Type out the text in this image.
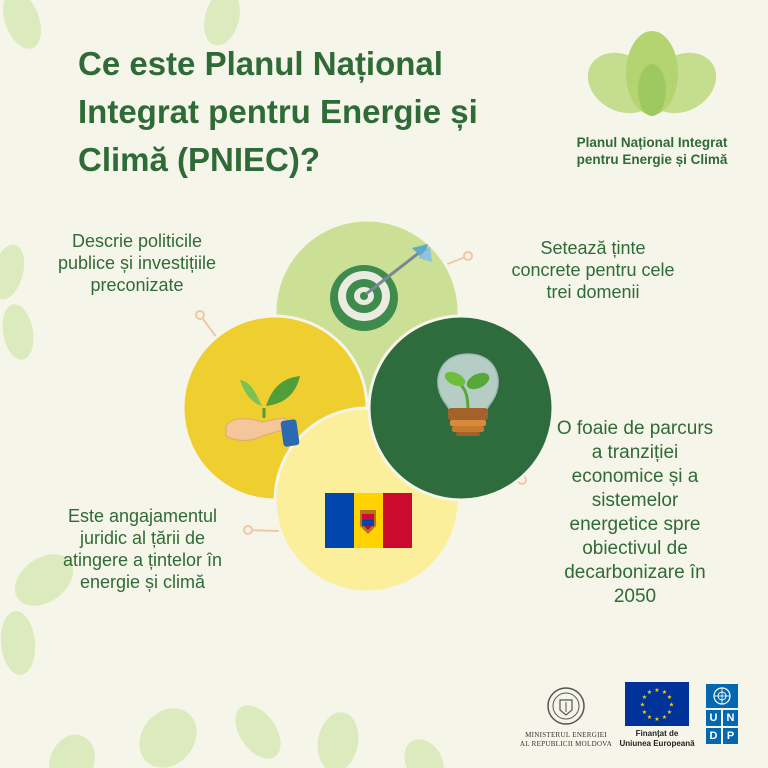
Ce este Planul Național
Integrat pentru Energie și
Climă (PNIEC)?	Planul Național Integrat
pentru Energie și Climă
Descrie politicile
publice și investițiile
preconizate
Setează ținte
concrete pentru cele
trei domenii
O foaie de parcurs
a tranziției
economice și a
sistemelor
energetice spre
obiectivul de
decarbonizare în
2050
Este angajamentul
juridic al țării de
atingere a țintelor în
energie și climă
MINISTERUL ENERGIEI
AL REPUBLICII MOLDOVA
★ ★
★
★
★
★
★
★
★
★
★
★
Finanțat de
Uniunea Europeană
U N
D P
